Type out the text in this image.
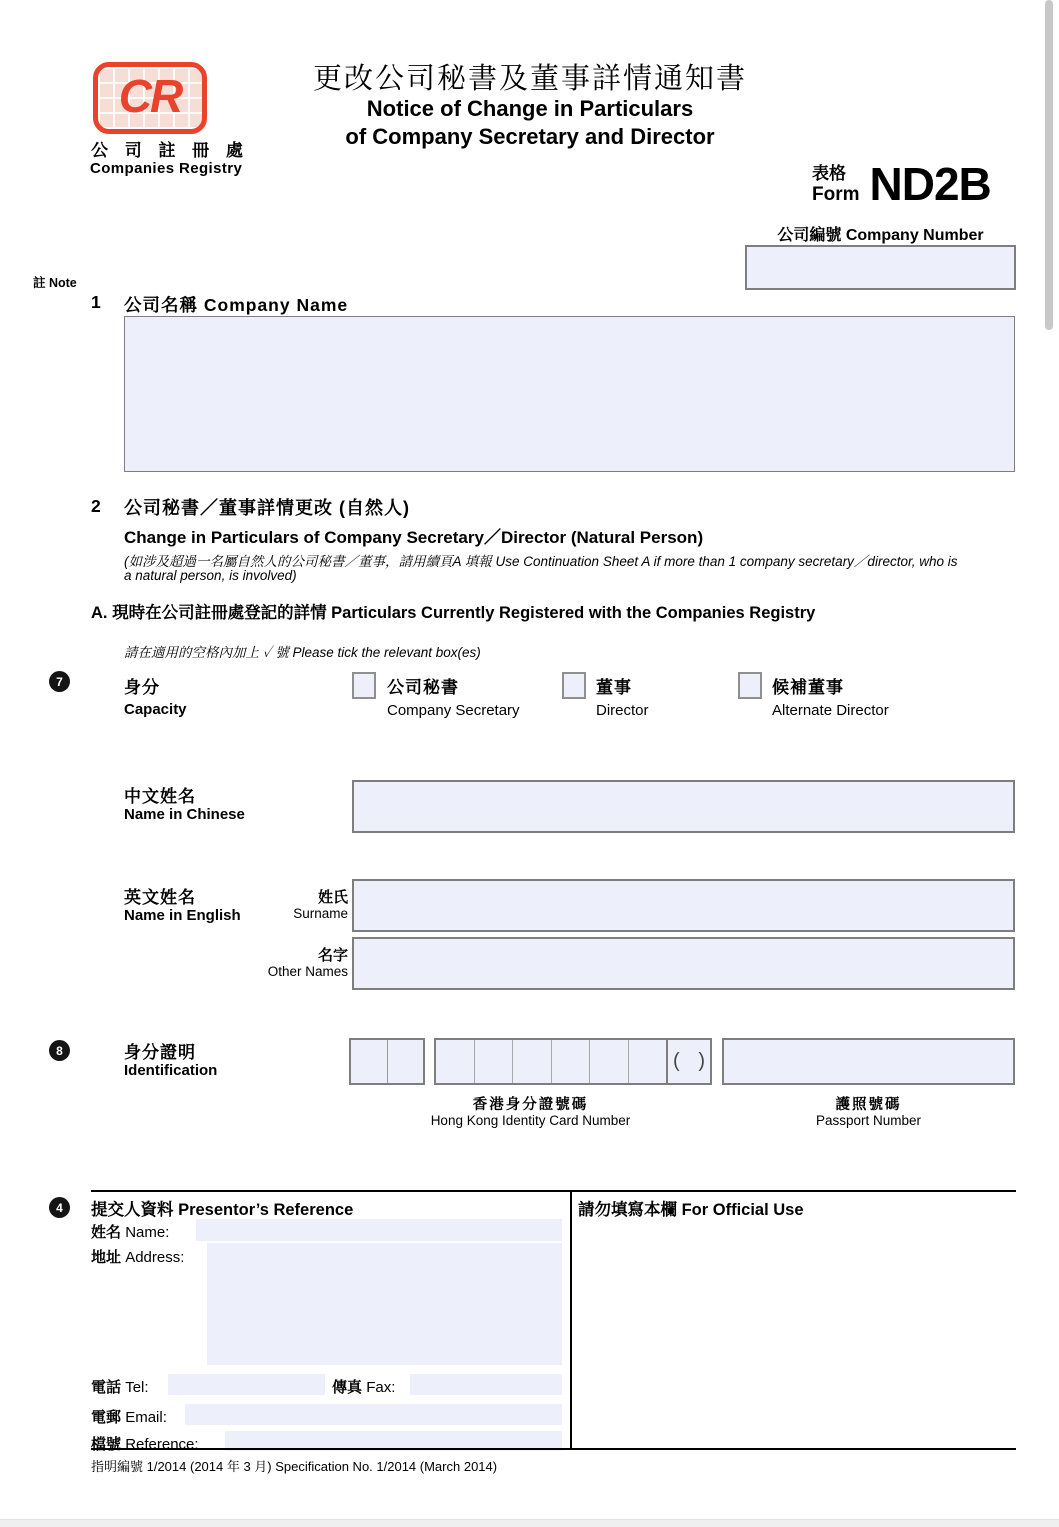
CR
公 司 註 冊 處
Companies Registry
更改公司秘書及董事詳情通知書
Notice of Change in Particulars
of Company Secretary and Director
表格
Form ND2B
公司編號 Company Number
註 Note
1 公司名稱 Company Name
2 公司秘書／董事詳情更改 (自然人)
Change in Particulars of Company Secretary／Director (Natural Person)
(如涉及超過一名屬自然人的公司秘書／董事，請用續頁A 填報 Use Continuation Sheet A if more than 1 company secretary／director, who is
a natural person, is involved)
A. 現時在公司註冊處登記的詳情 Particulars Currently Registered with the Companies Registry
請在適用的空格內加上 ✓ 號 Please tick the relevant box(es)
7	身分
Capacity
公司秘書
Company Secretary
董事
Director
候補董事
Alternate Director
中文姓名
Name in Chinese
英文姓名
Name in English
姓氏
Surname
名字
Other Names
8	身分證明
Identification	( )
香港身分證號碼
Hong Kong Identity Card Number
護照號碼
Passport Number
4	提交人資料 Presentor’s Reference	請勿填寫本欄 For Official Use
姓名 Name:
地址 Address:
電話 Tel:	傳真 Fax:
電郵 Email:
檔號 Reference:
指明編號 1/2014 (2014 年 3 月) Specification No. 1/2014 (March 2014)
